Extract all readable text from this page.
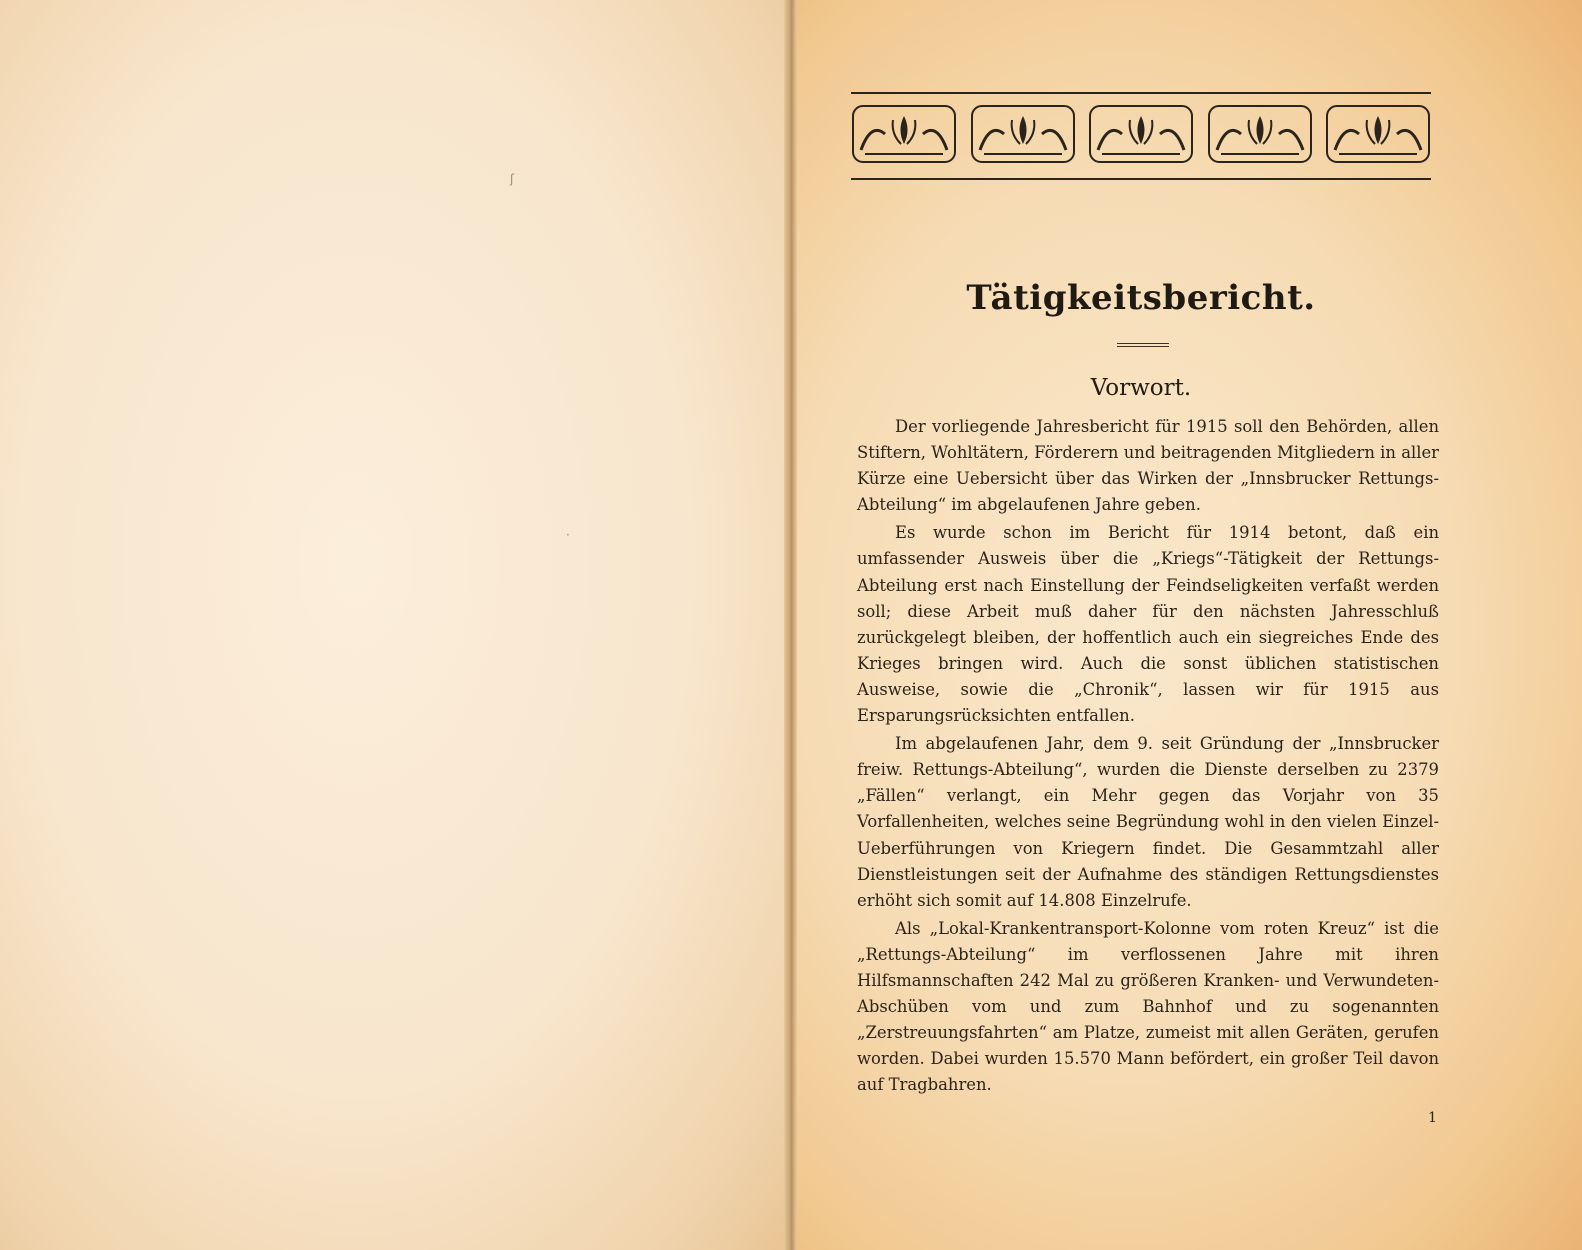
ʃ
·
Tätigkeitsbericht.
Vorwort.

Der vorliegende Jahresbericht für 1915 soll den Behörden, allen Stiftern, Wohltätern, Förderern und beitragenden Mitgliedern in aller Kürze eine Uebersicht über das Wirken der „Innsbrucker Rettungs-Abteilung“ im abgelaufenen Jahre geben.

Es wurde schon im Bericht für 1914 betont, daß ein umfassender Ausweis über die „Kriegs“-Tätigkeit der Rettungs-Abteilung erst nach Einstellung der Feindseligkeiten verfaßt werden soll; diese Arbeit muß daher für den nächsten Jahresschluß zurückgelegt bleiben, der hoffentlich auch ein siegreiches Ende des Krieges bringen wird. Auch die sonst üblichen statistischen Ausweise, sowie die „Chronik“, lassen wir für 1915 aus Ersparungsrücksichten entfallen.

Im abgelaufenen Jahr, dem 9. seit Gründung der „Innsbrucker freiw. Rettungs-Abteilung“, wurden die Dienste derselben zu 2379 „Fällen“ verlangt, ein Mehr gegen das Vorjahr von 35 Vorfallenheiten, welches seine Begründung wohl in den vielen Einzel-Ueberführungen von Kriegern findet. Die Gesammtzahl aller Dienstleistungen seit der Aufnahme des ständigen Rettungsdienstes erhöht sich somit auf 14.808 Einzelrufe.

Als „Lokal-Krankentransport-Kolonne vom roten Kreuz“ ist die „Rettungs-Abteilung“ im verflossenen Jahre mit ihren Hilfsmannschaften 242 Mal zu größeren Kranken- und Verwundeten-Abschüben vom und zum Bahnhof und zu sogenannten „Zerstreuungsfahrten“ am Platze, zumeist mit allen Geräten, gerufen worden. Dabei wurden 15.570 Mann befördert, ein großer Teil davon auf Tragbahren.

1
